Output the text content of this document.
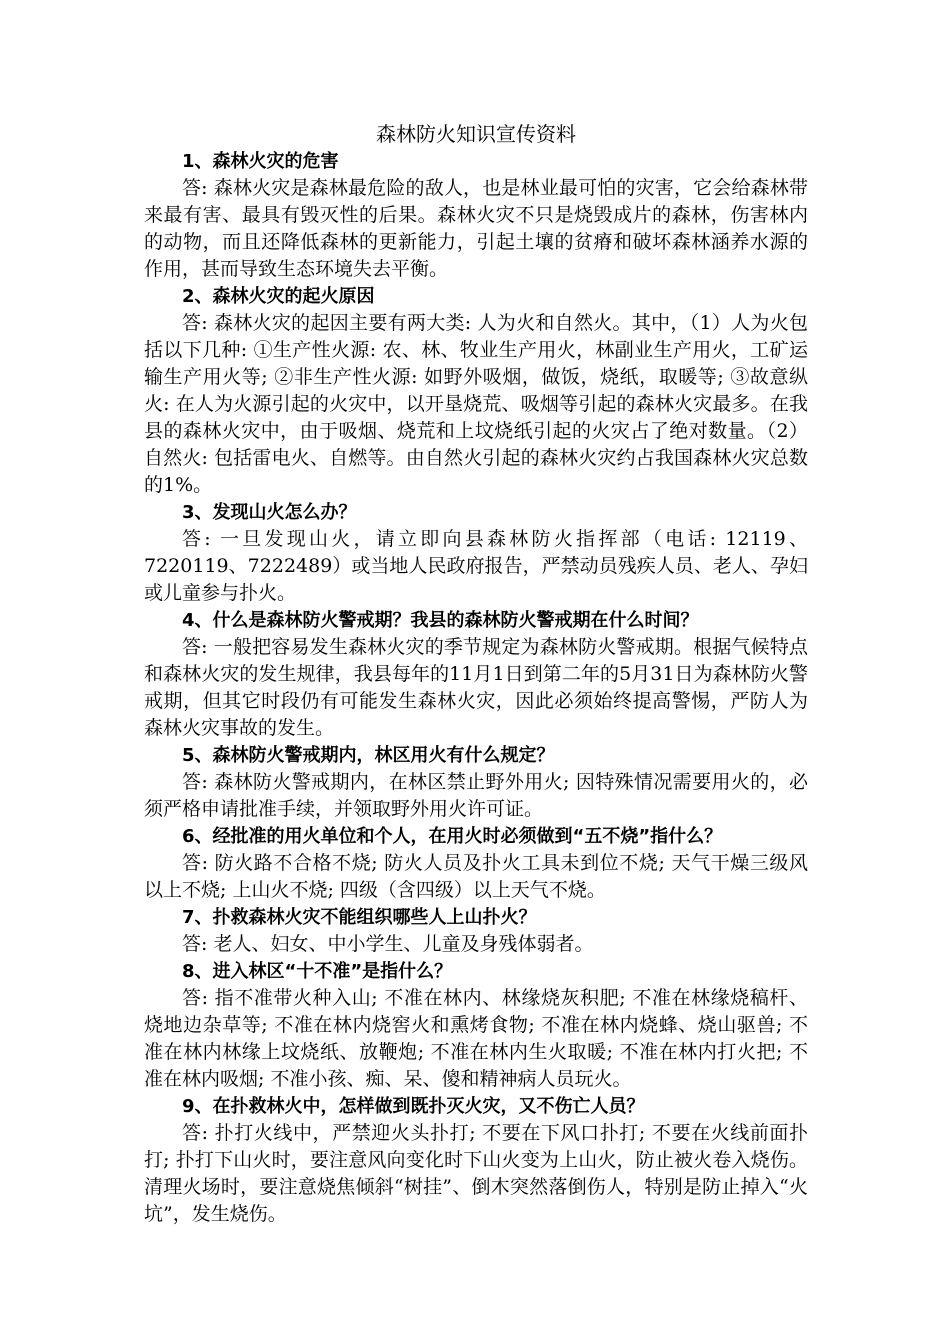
森林防火知识宣传资料

1、森林火灾的危害

答: 森林火灾是森林最危险的敌人，也是林业最可怕的灾害，它会给森林带来最有害、最具有毁灭性的后果。森林火灾不只是烧毁成片的森林，伤害林内的动物，而且还降低森林的更新能力，引起土壤的贫瘠和破坏森林涵养水源的作用，甚而导致生态环境失去平衡。

2、森林火灾的起火原因

答: 森林火灾的起因主要有两大类: 人为火和自然火。其中，（1）人为火包括以下几种: ①生产性火源: 农、林、牧业生产用火，林副业生产用火，工矿运输生产用火等; ②非生产性火源: 如野外吸烟，做饭，烧纸，取暖等; ③故意纵火: 在人为火源引起的火灾中，以开垦烧荒、吸烟等引起的森林火灾最多。在我县的森林火灾中，由于吸烟、烧荒和上坟烧纸引起的火灾占了绝对数量。（2）自然火: 包括雷电火、自燃等。由自然火引起的森林火灾约占我国森林火灾总数的1%。

3、发现山火怎么办？

答: 一旦发现山火，请立即向县森林防火指挥部（电话: 12119、7220119、7222489）或当地人民政府报告，严禁动员残疾人员、老人、孕妇或儿童参与扑火。

4、什么是森林防火警戒期？我县的森林防火警戒期在什么时间？

答: 一般把容易发生森林火灾的季节规定为森林防火警戒期。根据气候特点和森林火灾的发生规律，我县每年的11月1日到第二年的5月31日为森林防火警戒期，但其它时段仍有可能发生森林火灾，因此必须始终提高警惕，严防人为森林火灾事故的发生。

5、森林防火警戒期内，林区用火有什么规定？

答: 森林防火警戒期内，在林区禁止野外用火; 因特殊情况需要用火的，必须严格申请批准手续，并领取野外用火许可证。

6、经批准的用火单位和个人，在用火时必须做到“五不烧”指什么？

答: 防火路不合格不烧; 防火人员及扑火工具未到位不烧; 天气干燥三级风以上不烧; 上山火不烧; 四级（含四级）以上天气不烧。

7、扑救森林火灾不能组织哪些人上山扑火？

答: 老人、妇女、中小学生、儿童及身残体弱者。

8、进入林区“十不准”是指什么？

答: 指不准带火种入山; 不准在林内、林缘烧灰积肥; 不准在林缘烧稿杆、烧地边杂草等; 不准在林内烧窖火和熏烤食物; 不准在林内烧蜂、烧山驱兽; 不准在林内林缘上坟烧纸、放鞭炮; 不准在林内生火取暖; 不准在林内打火把; 不准在林内吸烟; 不准小孩、痴、呆、傻和精神病人员玩火。

9、在扑救林火中，怎样做到既扑灭火灾，又不伤亡人员？

答: 扑打火线中，严禁迎火头扑打; 不要在下风口扑打; 不要在火线前面扑打; 扑打下山火时，要注意风向变化时下山火变为上山火，防止被火卷入烧伤。清理火场时，要注意烧焦倾斜“树挂”、倒木突然落倒伤人，特别是防止掉入“火坑”，发生烧伤。
